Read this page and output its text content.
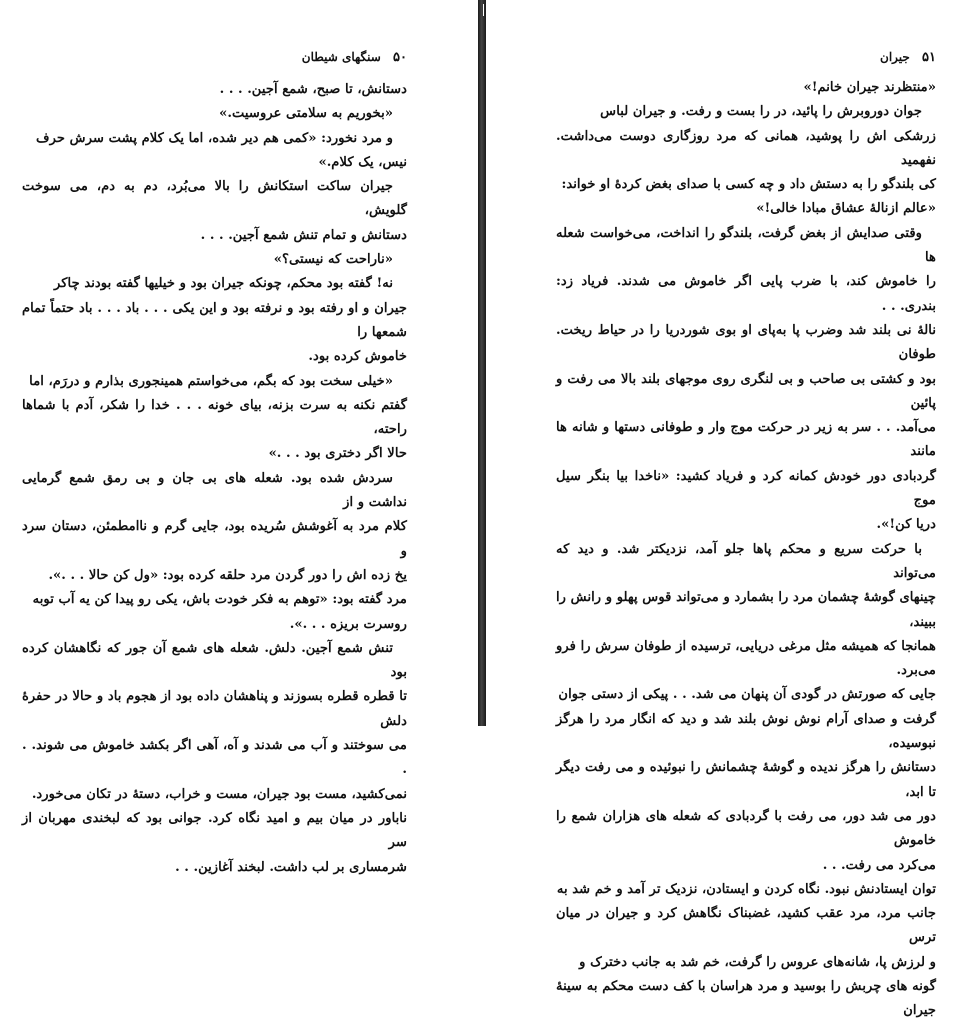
۵۰ سنگهای شیطان

دستانش، تا صبح، شمع آجین. . . .

«بخوریم به سلامتی عروسیت.»

و مرد نخورد: «کمی هم دیر شده، اما یک کلام پشت سرش حرف
نیس، یک کلام.»

جیران ساکت استکانش را بالا می‌بُرد، دم به دم، می سوخت گلویش،
دستانش و تمام تنش شمع آجین. . . .

«ناراحت که نیستی؟»

نه! گفته بود محکم، چونکه جیران بود و خیلیها گفته بودند چاکر
جیران و او رفته بود و نرفته بود و این یکی . . . باد . . . باد حتماً تمام شمعها را
خاموش کرده بود.

«خیلی سخت بود که بگم، می‌خواستم همینجوری بذارم و دررَم، اما
گفتم نکنه به سرت بزنه، بیای خونه . . . خدا را شکر، آدم با شماها راحته،
حالا اگر دختری بود . . .»

سردش شده بود. شعله های بی جان و بی رمق شمع گرمایی نداشت و از
کلام مرد به آغوشش سُریده بود، جایی گرم و ناامطمئن، دستان سرد و
یخ زده اش را دور گردن مرد حلقه کرده بود: «ول کن حالا . . .».

مرد گفته بود: «توهم به فکر خودت باش، یکی رو پیدا کن یه آب توبه
روسرت بریزه . . .».

تنش شمع آجین. دلش. شعله های شمع آن جور که نگاهشان کرده بود
تا قطره قطره بسوزند و پناهشان داده بود از هجوم باد و حالا در حفرهٔ دلش
می سوختند و آب می شدند و آه، آهی اگر بکشد خاموش می شوند. . .
نمی‌کشید، مست بود جیران، مست و خراب، دستهٔ در تکان می‌خورد.
ناباور در میان بیم و امید نگاه کرد. جوانی بود که لبخندی مهربان از سر
شرمساری بر لب داشت. لبخند آغازین. . .

۵۱ جیران

«منتظرند جیران خانم!»

جوان دوروبرش را پائید، در را بست و رفت. و جیران لباس
زرشکی اش را پوشید، همانی که مرد روزگاری دوست می‌داشت. نفهمید
کی بلندگو را به دستش داد و چه کسی با صدای بغض کردهٔ او خواند:
«عالم ازنالهٔ عشاق مبادا خالی!»

وقتی صدایش از بغض گرفت، بلندگو را انداخت، می‌خواست شعله ها
را خاموش کند، با ضرب پایی اگر خاموش می شدند. فریاد زد: بندری. . .
نالهٔ نی بلند شد وضرب پا به‌پای او بوی شوردریا را در حیاط ریخت. طوفان
بود و کشتی بی صاحب و بی لنگری روی موجهای بلند بالا می رفت و پائین
می‌آمد. . . سر به زیر در حرکت موج وار و طوفانی دستها و شانه ها مانند
گردبادی دور خودش کمانه کرد و فریاد کشید: «ناخدا بیا بنگر سیل موج
دریا کن!».

با حرکت سریع و محکم پاها جلو آمد، نزدیکتر شد. و دید که می‌تواند
چینهای گوشهٔ چشمان مرد را بشمارد و می‌تواند قوس پهلو و رانش را ببیند،
همانجا که همیشه مثل مرغی دریایی، ترسیده از طوفان سرش را فرو می‌برد.
جایی که صورتش در گودی آن پنهان می شد. . . پیکی از دستی جوان
گرفت و صدای آرام نوش نوش بلند شد و دید که انگار مرد را هرگز نبوسیده،
دستانش را هرگز ندیده و گوشهٔ چشمانش را نبوئیده و می رفت دیگر تا ابد،
دور می شد دور، می رفت با گردبادی که شعله های هزاران شمع را خاموش
می‌کرد می رفت. . .

توان ایستادنش نبود. نگاه کردن و ایستادن، نزدیک تر آمد و خم شد به
جانب مرد، مرد عقب کشید، غضبناک نگاهش کرد و جیران در میان ترس
و لرزش پا، شانه‌های عروس را گرفت، خم شد به جانب دخترک و
گونه های چربش را بوسید و مرد هراسان با کف دست محکم به سینهٔ جیران
